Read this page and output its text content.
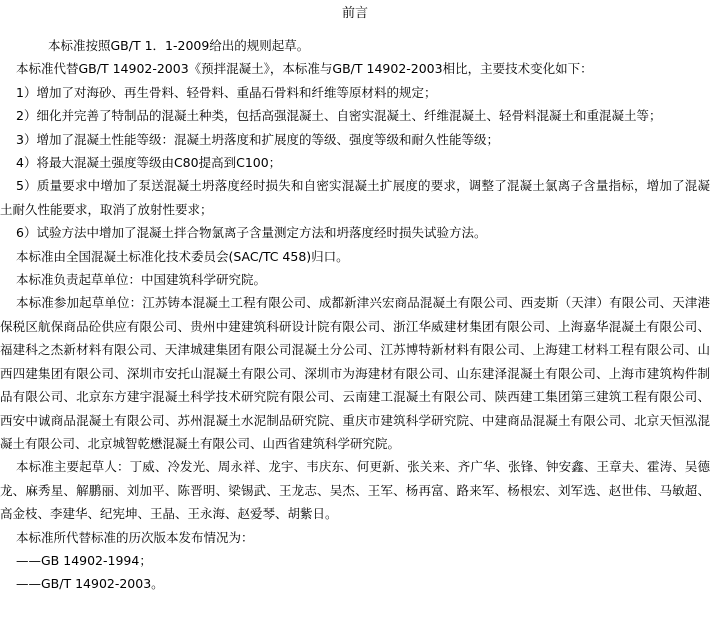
前言

本标准按照GB/T 1．1-2009给出的规则起草。

本标准代替GB/T 14902-2003《预拌混凝土》，本标准与GB/T 14902-2003相比，主要技术变化如下：

1）增加了对海砂、再生骨料、轻骨料、重晶石骨料和纤维等原材料的规定；

2）细化并完善了特制品的混凝土种类，包括高强混凝土、自密实混凝土、纤维混凝土、轻骨料混凝土和重混凝土等；

3）增加了混凝土性能等级：混凝土坍落度和扩展度的等级、强度等级和耐久性能等级；

4）将最大混凝土强度等级由C80提高到C100；

5）质量要求中增加了泵送混凝土坍落度经时损失和自密实混凝土扩展度的要求，调整了混凝土氯离子含量指标，增加了混凝土耐久性能要求，取消了放射性要求；

6）试验方法中增加了混凝土拌合物氯离子含量测定方法和坍落度经时损失试验方法。

本标准由全国混凝土标准化技术委员会(SAC/TC 458)归口。

本标准负责起草单位：中国建筑科学研究院。

本标准参加起草单位：江苏铸本混凝土工程有限公司、成都新津兴宏商品混凝土有限公司、西麦斯（天津）有限公司、天津港保税区航保商品砼供应有限公司、贵州中建建筑科研设计院有限公司、浙江华威建材集团有限公司、上海嘉华混凝土有限公司、福建科之杰新材料有限公司、天津城建集团有限公司混凝土分公司、江苏博特新材料有限公司、上海建工材料工程有限公司、山西四建集团有限公司、深圳市安托山混凝土有限公司、深圳市为海建材有限公司、山东建泽混凝土有限公司、上海市建筑构件制品有限公司、北京东方建宇混凝土科学技术研究院有限公司、云南建工混凝土有限公司、陕西建工集团第三建筑工程有限公司、西安中诚商品混凝土有限公司、苏州混凝土水泥制品研究院、重庆市建筑科学研究院、中建商品混凝土有限公司、北京天恒泓混凝土有限公司、北京城智乾懋混凝土有限公司、山西省建筑科学研究院。

本标准主要起草人：丁威、冷发光、周永祥、龙宇、韦庆东、何更新、张关来、齐广华、张锋、钟安鑫、王章夫、霍涛、吴德龙、麻秀星、解鹏丽、刘加平、陈晋明、梁锡武、王龙志、吴杰、王军、杨再富、路来军、杨根宏、刘军选、赵世伟、马敏超、高金枝、李建华、纪宪坤、王晶、王永海、赵爱琴、胡紫日。

本标准所代替标准的历次版本发布情况为：

——GB 14902-1994；

——GB/T 14902-2003。
